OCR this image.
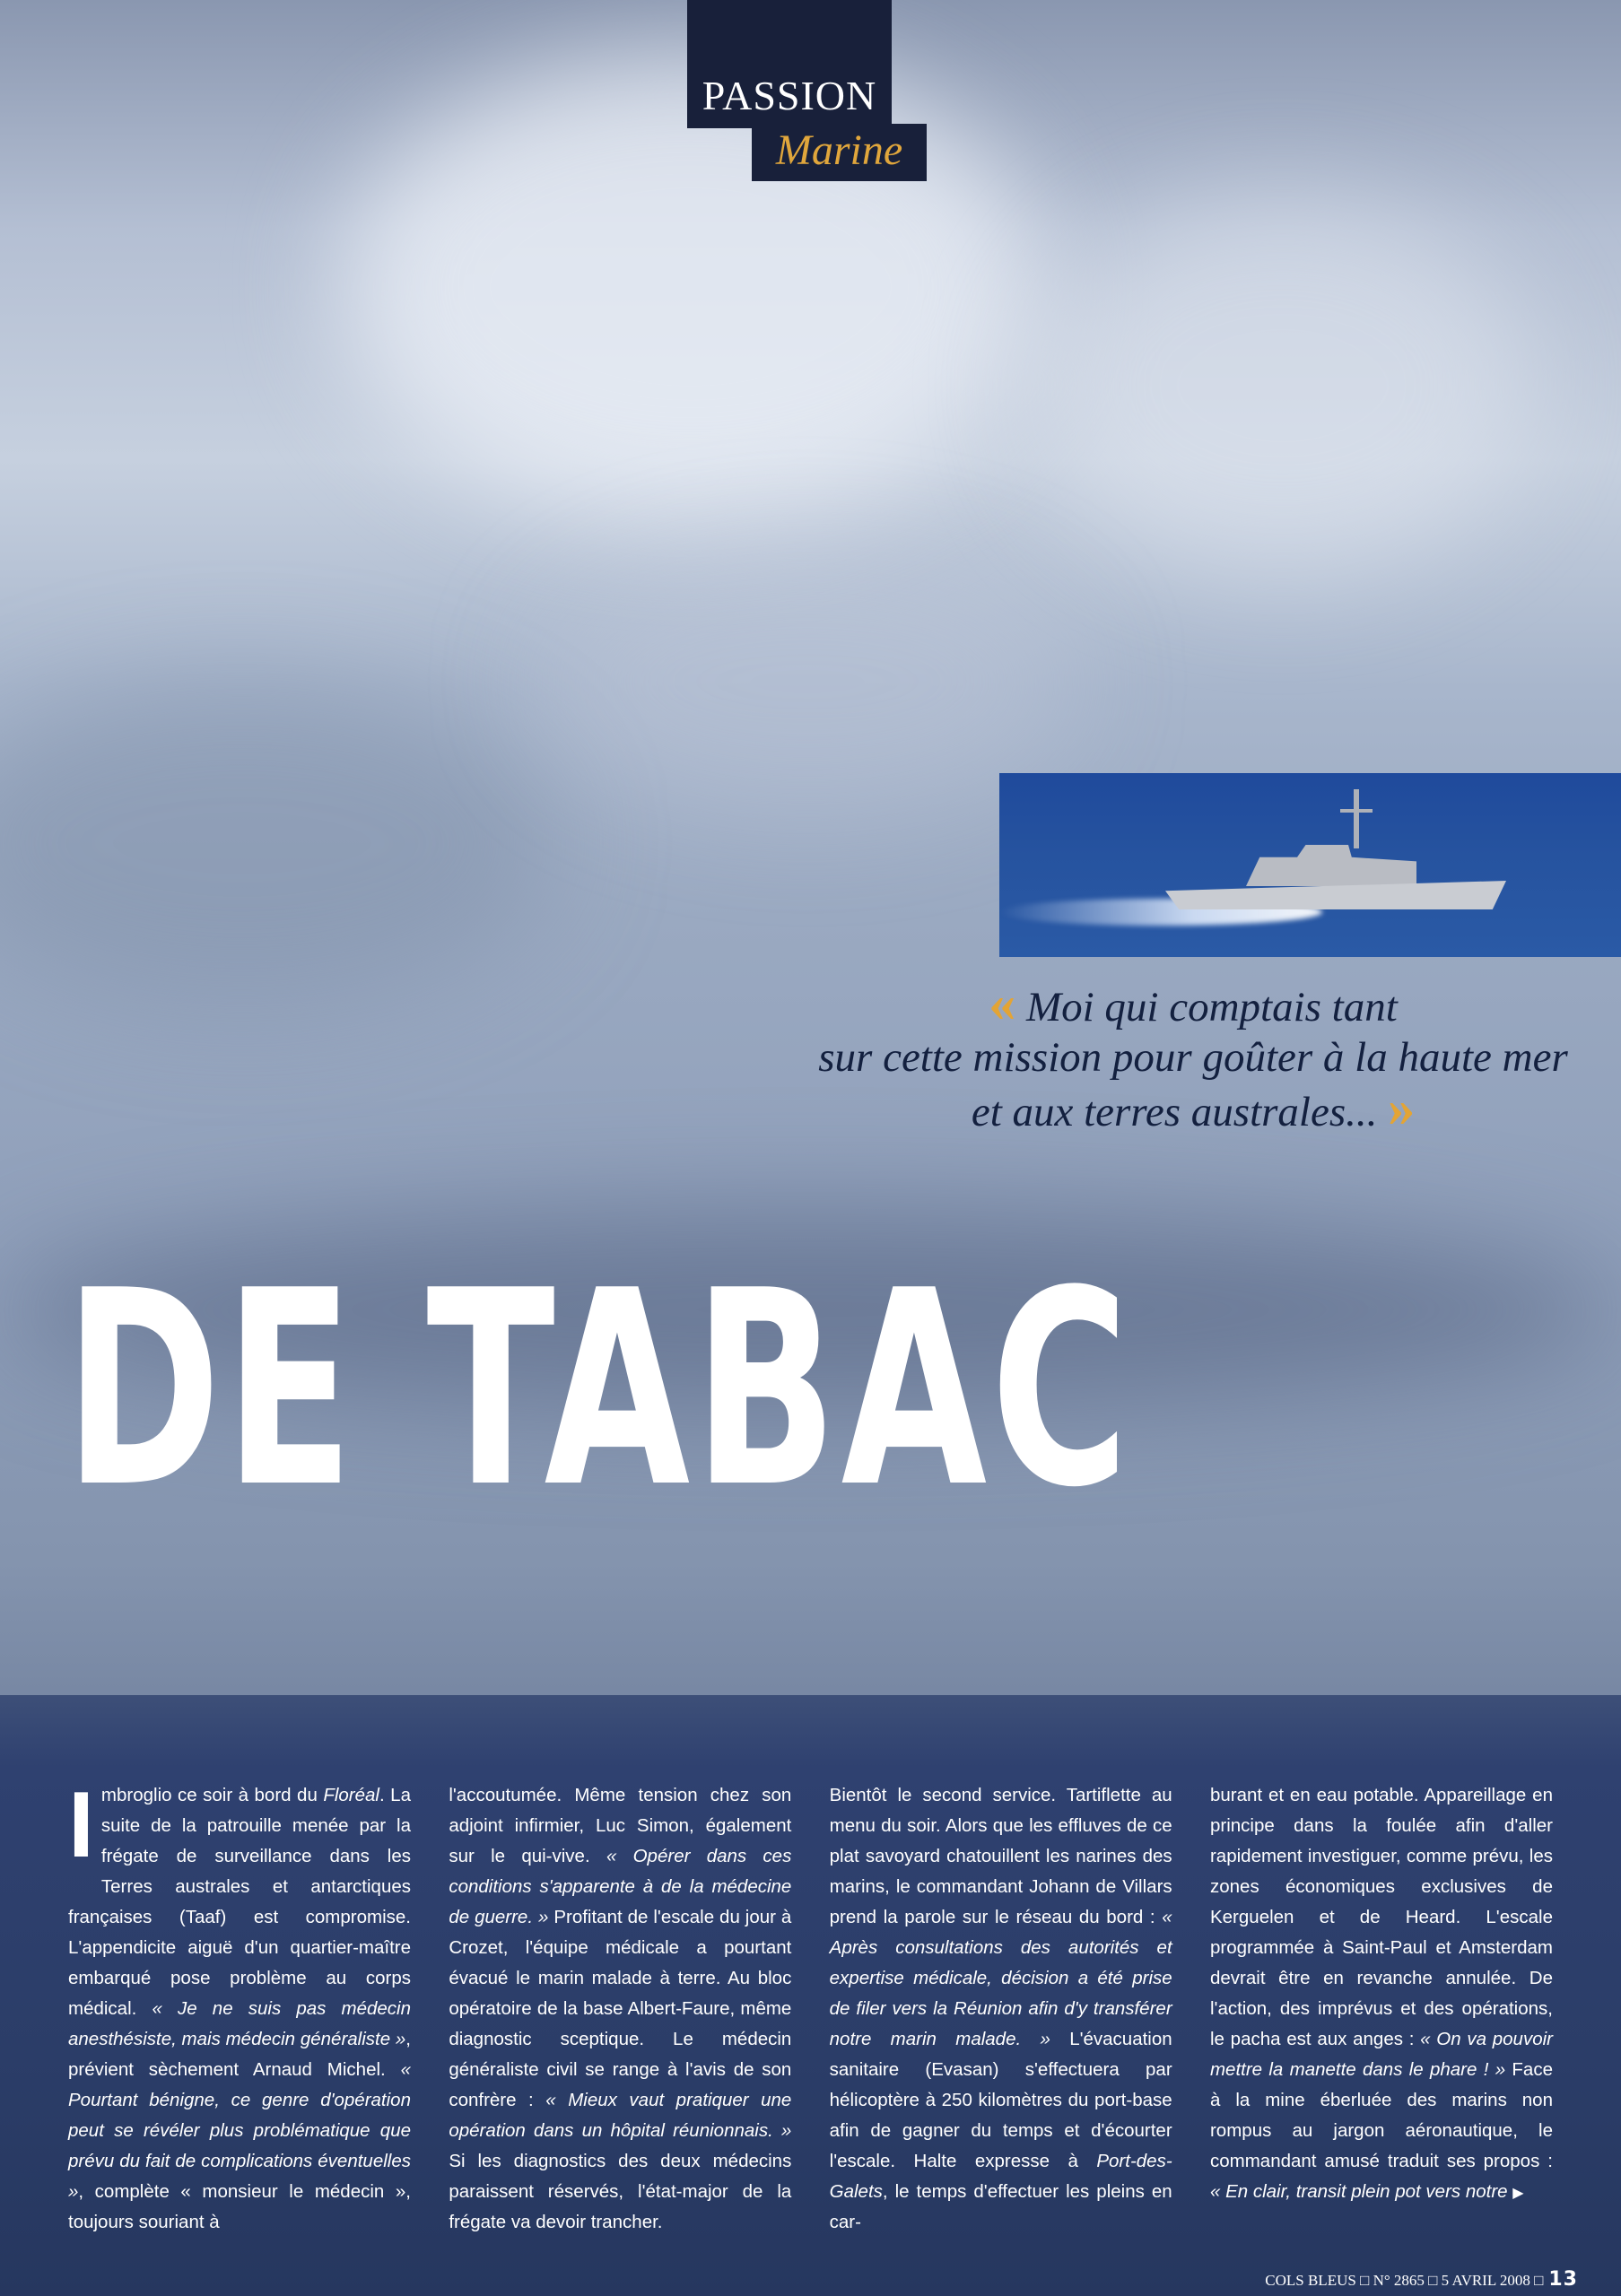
PASSION
Marine
« Moi qui comptais tant
sur cette mission pour goûter à la haute mer
et aux terres australes... »
DE TABAC
Imbroglio ce soir à bord du Floréal. La suite de la patrouille menée par la frégate de surveillance dans les Terres australes et antarctiques françaises (Taaf) est compromise. L'appendicite aiguë d'un quartier-maître embarqué pose problème au corps médical. « Je ne suis pas médecin anesthésiste, mais médecin généraliste », prévient sèchement Arnaud Michel. « Pourtant bénigne, ce genre d'opération peut se révéler plus problématique que prévu du fait de complications éventuelles », complète « monsieur le médecin », toujours souriant à
l'accoutumée. Même tension chez son adjoint infirmier, Luc Simon, également sur le qui-vive. « Opérer dans ces conditions s'apparente à de la médecine de guerre. » Profitant de l'escale du jour à Crozet, l'équipe médicale a pourtant évacué le marin malade à terre. Au bloc opératoire de la base Albert-Faure, même diagnostic sceptique. Le médecin généraliste civil se range à l'avis de son confrère : « Mieux vaut pratiquer une opération dans un hôpital réunionnais. » Si les diagnostics des deux médecins paraissent réservés, l'état-major de la frégate va devoir trancher.
Bientôt le second service. Tartiflette au menu du soir. Alors que les effluves de ce plat savoyard chatouillent les narines des marins, le commandant Johann de Villars prend la parole sur le réseau du bord : « Après consultations des autorités et expertise médicale, décision a été prise de filer vers la Réunion afin d'y transférer notre marin malade. » L'évacuation sanitaire (Evasan) s'effectuera par hélicoptère à 250 kilomètres du port-base afin de gagner du temps et d'écourter l'escale. Halte expresse à Port-des-Galets, le temps d'effectuer les pleins en car-
burant et en eau potable. Appareillage en principe dans la foulée afin d'aller rapidement investiguer, comme prévu, les zones économiques exclusives de Kerguelen et de Heard. L'escale programmée à Saint-Paul et Amsterdam devrait être en revanche annulée. De l'action, des imprévus et des opérations, le pacha est aux anges : « On va pouvoir mettre la manette dans le phare ! » Face à la mine éberluée des marins non rompus au jargon aéronautique, le commandant amusé traduit ses propos : « En clair, transit plein pot vers notre ▶
COLS BLEUS □ N° 2865 □ 5 AVRIL 2008 □ 13
